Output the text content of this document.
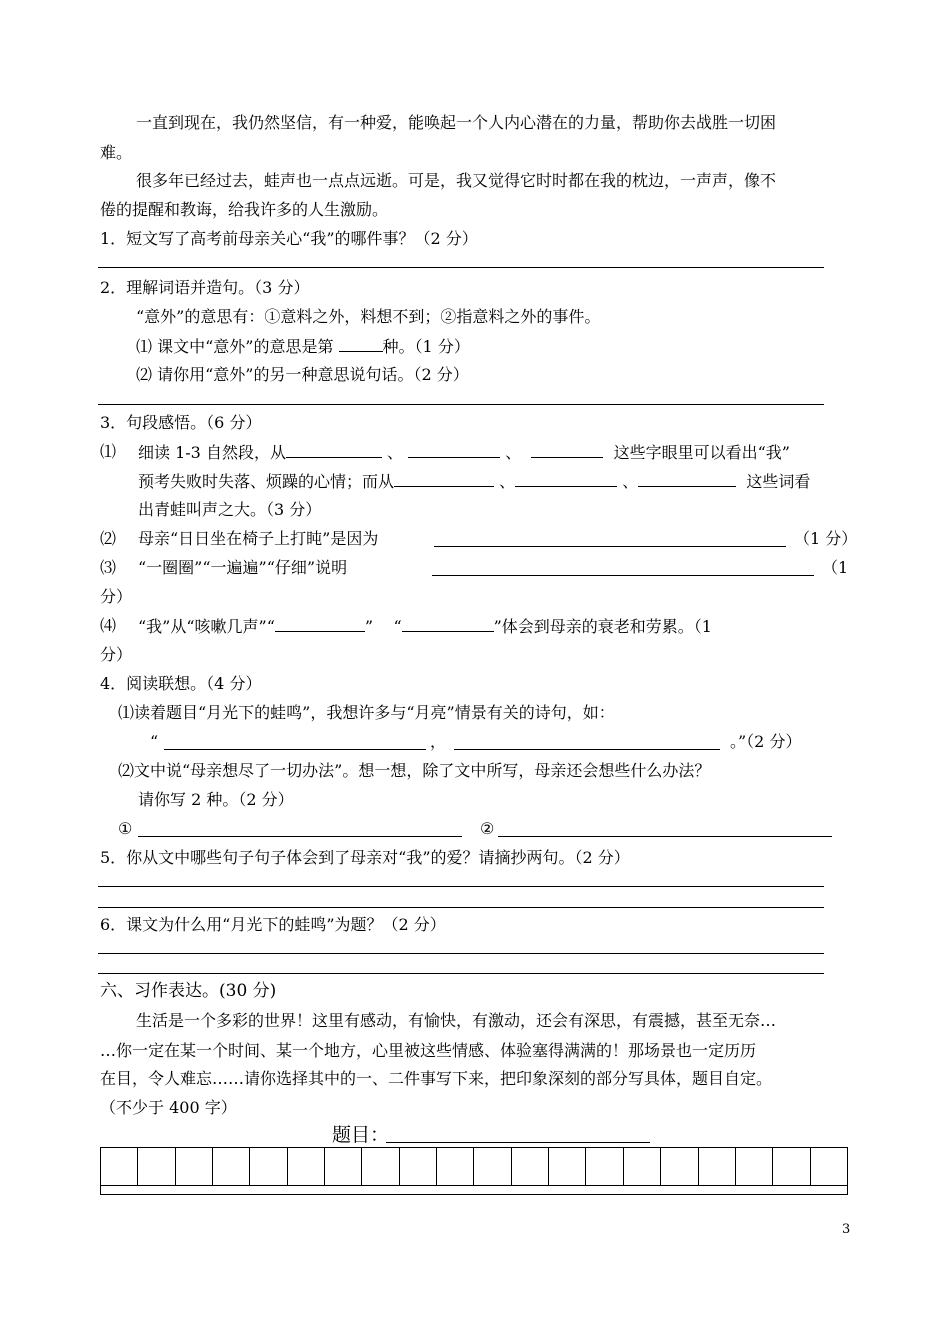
一直到现在，我仍然坚信，有一种爱，能唤起一个人内心潜在的力量，帮助你去战胜一切困
难。
很多年已经过去，蛙声也一点点远逝。可是，我又觉得它时时都在我的枕边，一声声，像不
倦的提醒和教诲，给我许多的人生激励。
1．短文写了高考前母亲关心“我”的哪件事？（2 分）
2．理解词语并造句。（3 分）
“意外”的意思有：①意料之外，料想不到；②指意料之外的事件。
⑴ 课文中“意外”的意思是第	种。（1 分）
⑵ 请你用“意外”的另一种意思说句话。（2 分）
3．句段感悟。（6 分）
⑴ 细读 1-3 自然段，从	、	、	这些字眼里可以看出“我”
预考失败时失落、烦躁的心情；而从	、	、	这些词看
出青蛙叫声之大。（3 分）
⑵ 母亲“日日坐在椅子上打盹”是因为	（1 分）
⑶ “一圈圈”“一遍遍”“仔细”说明	（1
分）
⑷ “我”从“咳嗽几声”“	” “	”体会到母亲的衰老和劳累。（1
分）
4．阅读联想。（4 分）
⑴读着题目“月光下的蛙鸣”，我想许多与“月亮”情景有关的诗句，如：
“	，	。”（2 分）
⑵文中说“母亲想尽了一切办法”。想一想，除了文中所写，母亲还会想些什么办法？
请你写 2 种。（2 分）
①	②
5．你从文中哪些句子句子体会到了母亲对“我”的爱？请摘抄两句。（2 分）
6．课文为什么用“月光下的蛙鸣”为题？（2 分）
六、习作表达。(30 分)
生活是一个多彩的世界！这里有感动，有愉快，有激动，还会有深思，有震撼，甚至无奈…
…你一定在某一个时间、某一个地方，心里被这些情感、体验塞得满满的！那场景也一定历历
在目，令人难忘……请你选择其中的一、二件事写下来，把印象深刻的部分写具体，题目自定。
（不少于 400 字）
题目：
3
